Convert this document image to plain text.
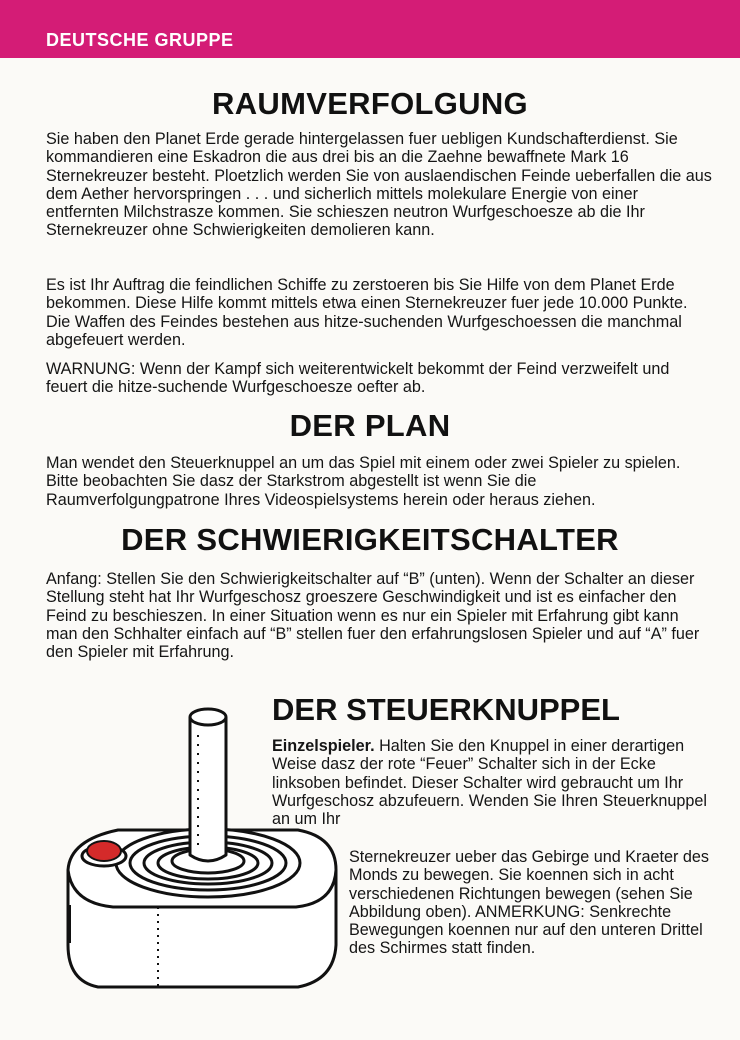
DEUTSCHE GRUPPE
RAUMVERFOLGUNG

Sie haben den Planet Erde gerade hintergelassen fuer uebligen Kundschafterdienst. Sie kommandieren eine Eskadron die aus drei bis an die Zaehne bewaffnete Mark 16 Sternekreuzer besteht. Ploetzlich werden Sie von auslaendischen Feinde ueberfallen die aus dem Aether hervorspringen . . . und sicherlich mittels molekulare Energie von einer entfernten Milchstrasze kommen. Sie schieszen neutron Wurfgeschoesze ab die Ihr Sternekreuzer ohne Schwierigkeiten demolieren kann.

Es ist Ihr Auftrag die feindlichen Schiffe zu zerstoeren bis Sie Hilfe von dem Planet Erde bekommen. Diese Hilfe kommt mittels etwa einen Sternekreuzer fuer jede 10.000 Punkte. Die Waffen des Feindes bestehen aus hitze-suchenden Wurfgeschoessen die manchmal abgefeuert werden.

WARNUNG: Wenn der Kampf sich weiterentwickelt bekommt der Feind verzweifelt und feuert die hitze-suchende Wurfgeschoesze oefter ab.

DER PLAN

Man wendet den Steuerknuppel an um das Spiel mit einem oder zwei Spieler zu spielen. Bitte beobachten Sie dasz der Starkstrom abgestellt ist wenn Sie die Raumverfolgungpatrone Ihres Videospielsystems herein oder heraus ziehen.

DER SCHWIERIGKEITSCHALTER

Anfang: Stellen Sie den Schwierigkeitschalter auf “B” (unten). Wenn der Schalter an dieser Stellung steht hat Ihr Wurfgeschosz groeszere Geschwindigkeit und ist es einfacher den Feind zu beschieszen. In einer Situation wenn es nur ein Spieler mit Erfahrung gibt kann man den Schhalter einfach auf “B” stellen fuer den erfahrungslosen Spieler und auf “A” fuer den Spieler mit Erfahrung.

DER STEUERKNUPPEL

Einzelspieler. Halten Sie den Knuppel in einer derartigen Weise dasz der rote “Feuer” Schalter sich in der Ecke linksoben befindet. Dieser Schalter wird gebraucht um Ihr Wurfgeschosz abzufeuern. Wenden Sie Ihren Steuerknuppel an um Ihr

Sternekreuzer ueber das Gebirge und Kraeter des Monds zu bewegen. Sie koennen sich in acht verschiedenen Richtungen bewegen (sehen Sie Abbildung oben). ANMERKUNG: Senkrechte Bewegungen koennen nur auf den unteren Drittel des Schirmes statt finden.
